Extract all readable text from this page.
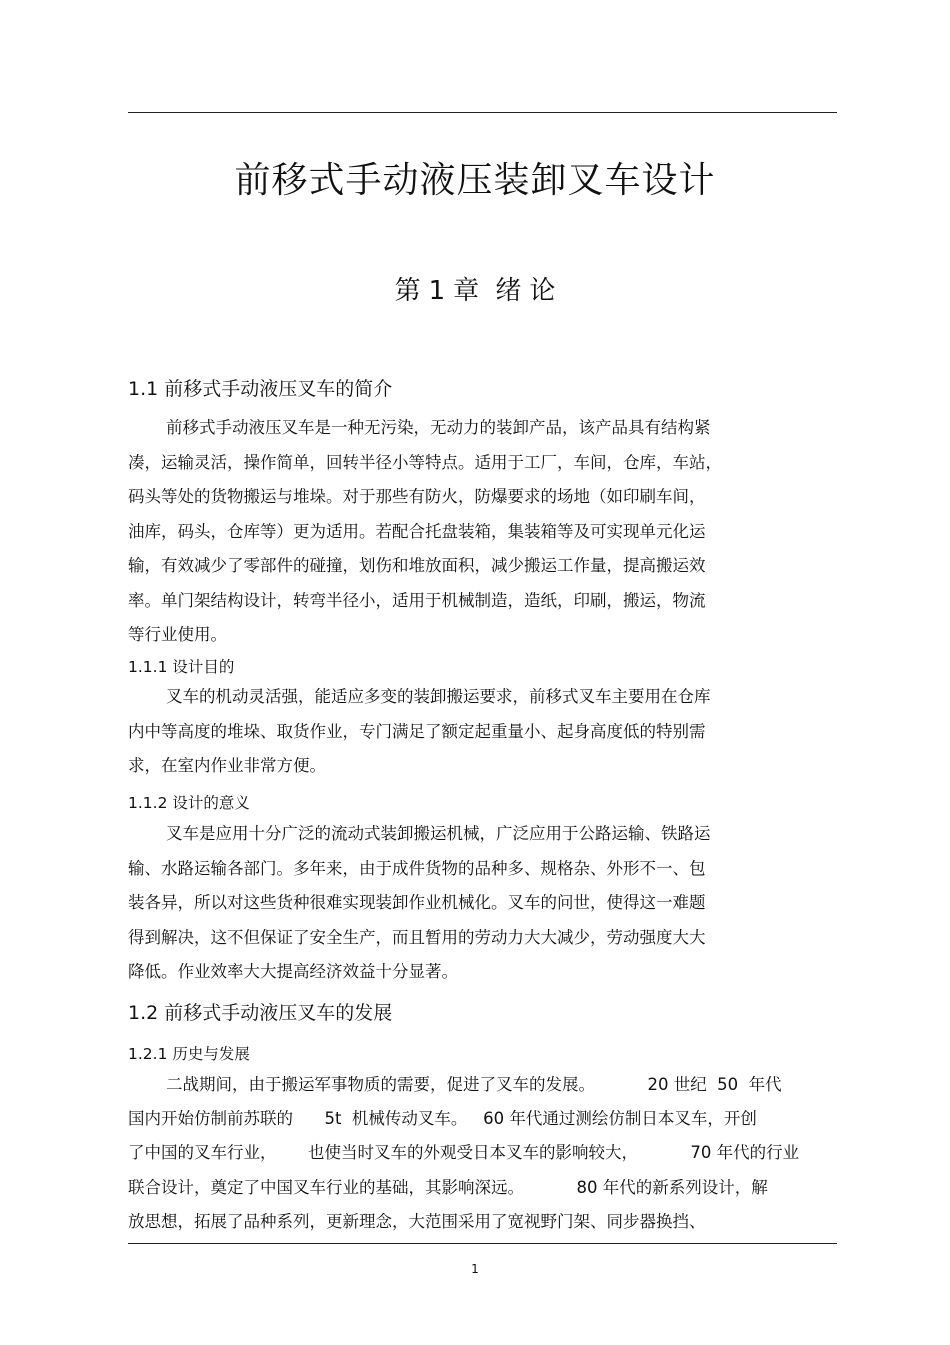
前移式手动液压装卸叉车设计
第 1 章 绪 论
1.1 前移式手动液压叉车的简介

前移式手动液压叉车是一种无污染，无动力的装卸产品，该产品具有结构紧
凑，运输灵活，操作简单，回转半径小等特点。适用于工厂，车间，仓库，车站，
码头等处的货物搬运与堆垛。对于那些有防火，防爆要求的场地（如印刷车间，
油库，码头，仓库等）更为适用。若配合托盘装箱，集装箱等及可实现单元化运
输，有效减少了零部件的碰撞，划伤和堆放面积，减少搬运工作量，提高搬运效
率。单门架结构设计，转弯半径小，适用于机械制造，造纸，印刷，搬运，物流
等行业使用。

1.1.1 设计目的

叉车的机动灵活强，能适应多变的装卸搬运要求，前移式叉车主要用在仓库
内中等高度的堆垛、取货作业，专门满足了额定起重量小、起身高度低的特别需
求，在室内作业非常方便。

1.1.2 设计的意义

叉车是应用十分广泛的流动式装卸搬运机械，广泛应用于公路运输、铁路运
输、水路运输各部门。多年来，由于成件货物的品种多、规格杂、外形不一、包
装各异，所以对这些货种很难实现装卸作业机械化。叉车的问世，使得这一难题
得到解决，这不但保证了安全生产，而且暂用的劳动力大大减少，劳动强度大大
降低。作业效率大大提高经济效益十分显著。

1.2 前移式手动液压叉车的发展
1.2.1 历史与发展

二战期间，由于搬运军事物质的需要，促进了叉车的发展。          20 世纪  50  年代
国内开始仿制前苏联的      5t  机械传动叉车。   60 年代通过测绘仿制日本叉车，开创
了中国的叉车行业，      也使当时叉车的外观受日本叉车的影响较大，          70 年代的行业
联合设计，奠定了中国叉车行业的基础，其影响深远。          80 年代的新系列设计，解
放思想，拓展了品种系列，更新理念，大范围采用了宽视野门架、同步器换挡、

1
